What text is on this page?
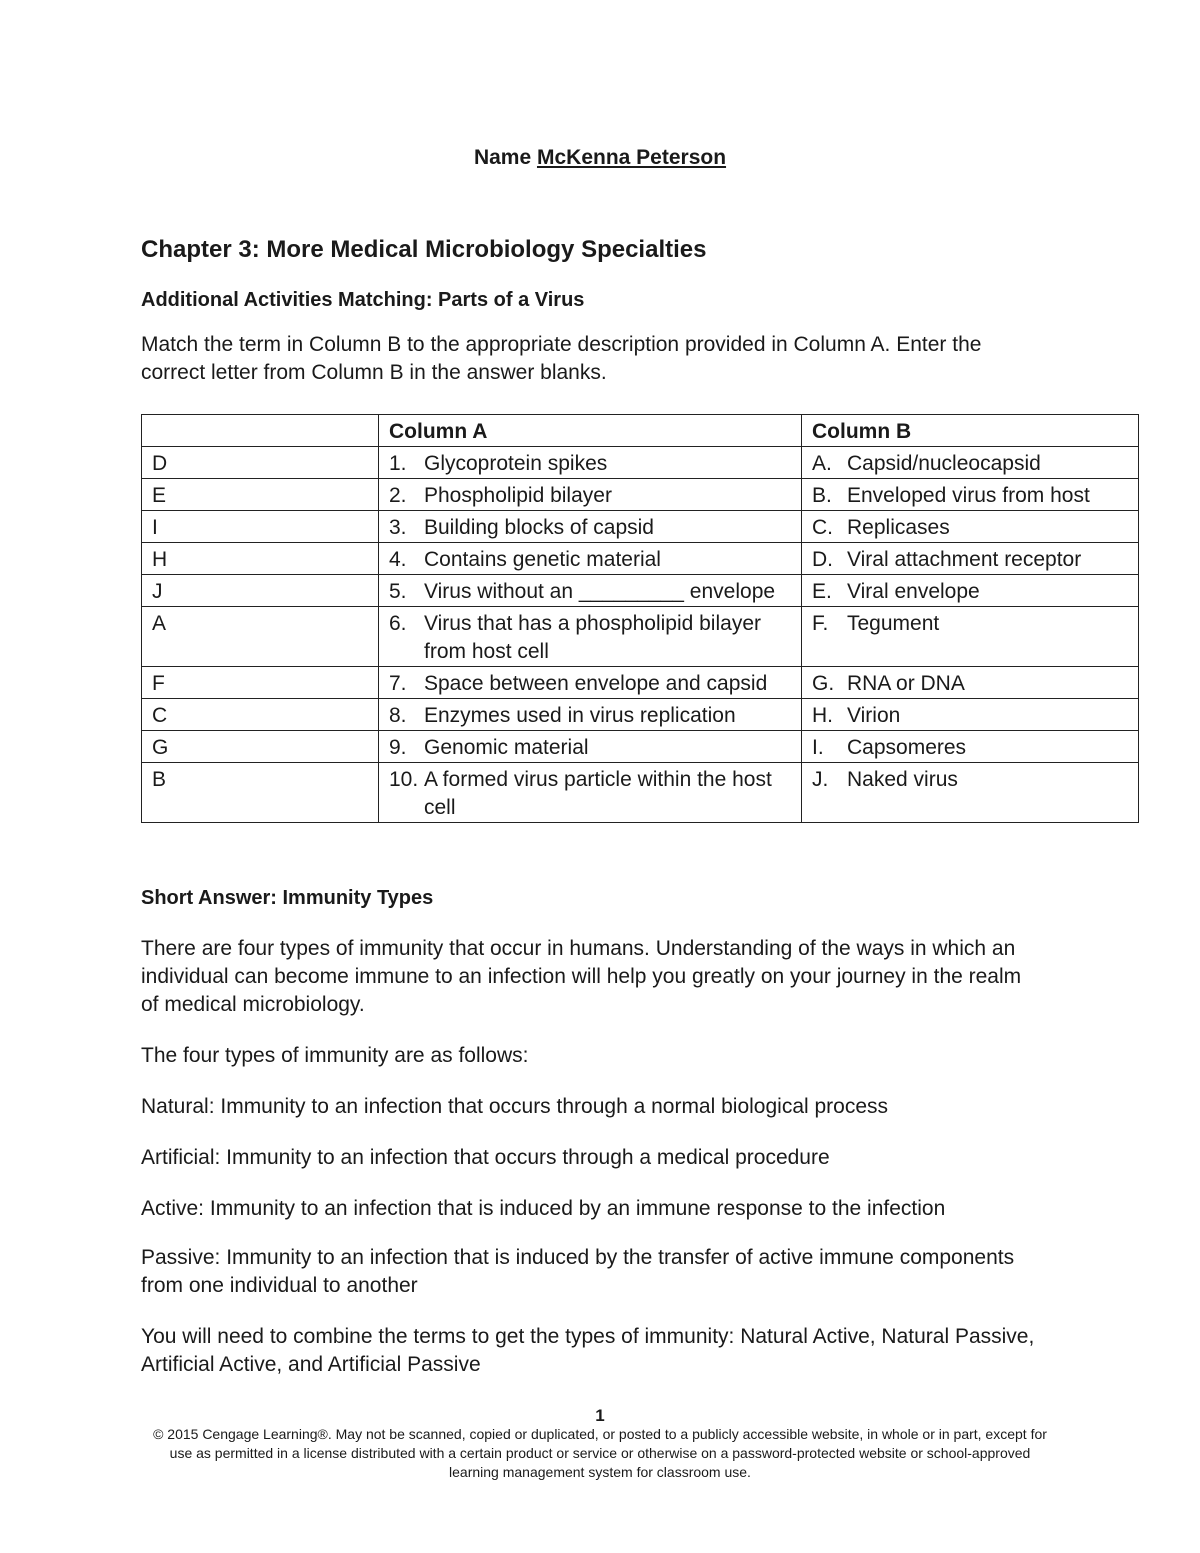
Name McKenna Peterson
Chapter 3: More Medical Microbiology Specialties
Additional Activities Matching: Parts of a Virus

Match the term in Column B to the appropriate description provided in Column A. Enter the correct letter from Column B in the answer blanks.

	Column A	Column B
D	1. Glycoprotein spikes	A. Capsid/nucleocapsid

E	2. Phospholipid bilayer	B. Enveloped virus from host

I	3. Building blocks of capsid	C. Replicases

H	4. Contains genetic material	D. Viral attachment receptor

J	5. Virus without an _________ envelope	E. Viral envelope

A	6. Virus that has a phospholipid bilayer from host cell	F. Tegument

F	7. Space between envelope and capsid	G. RNA or DNA

C	8. Enzymes used in virus replication	H. Virion

G	9. Genomic material	I. Capsomeres

B	10. A formed virus particle within the host cell	J. Naked virus
Short Answer: Immunity Types

There are four types of immunity that occur in humans. Understanding of the ways in which an individual can become immune to an infection will help you greatly on your journey in the realm of medical microbiology.

The four types of immunity are as follows:

Natural: Immunity to an infection that occurs through a normal biological process

Artificial: Immunity to an infection that occurs through a medical procedure

Active: Immunity to an infection that is induced by an immune response to the infection

Passive: Immunity to an infection that is induced by the transfer of active immune components from one individual to another

You will need to combine the terms to get the types of immunity: Natural Active, Natural Passive, Artificial Active, and Artificial Passive

1
© 2015 Cengage Learning®. May not be scanned, copied or duplicated, or posted to a publicly accessible website, in whole or in part, except for use as permitted in a license distributed with a certain product or service or otherwise on a password-protected website or school-approved learning management system for classroom use.
